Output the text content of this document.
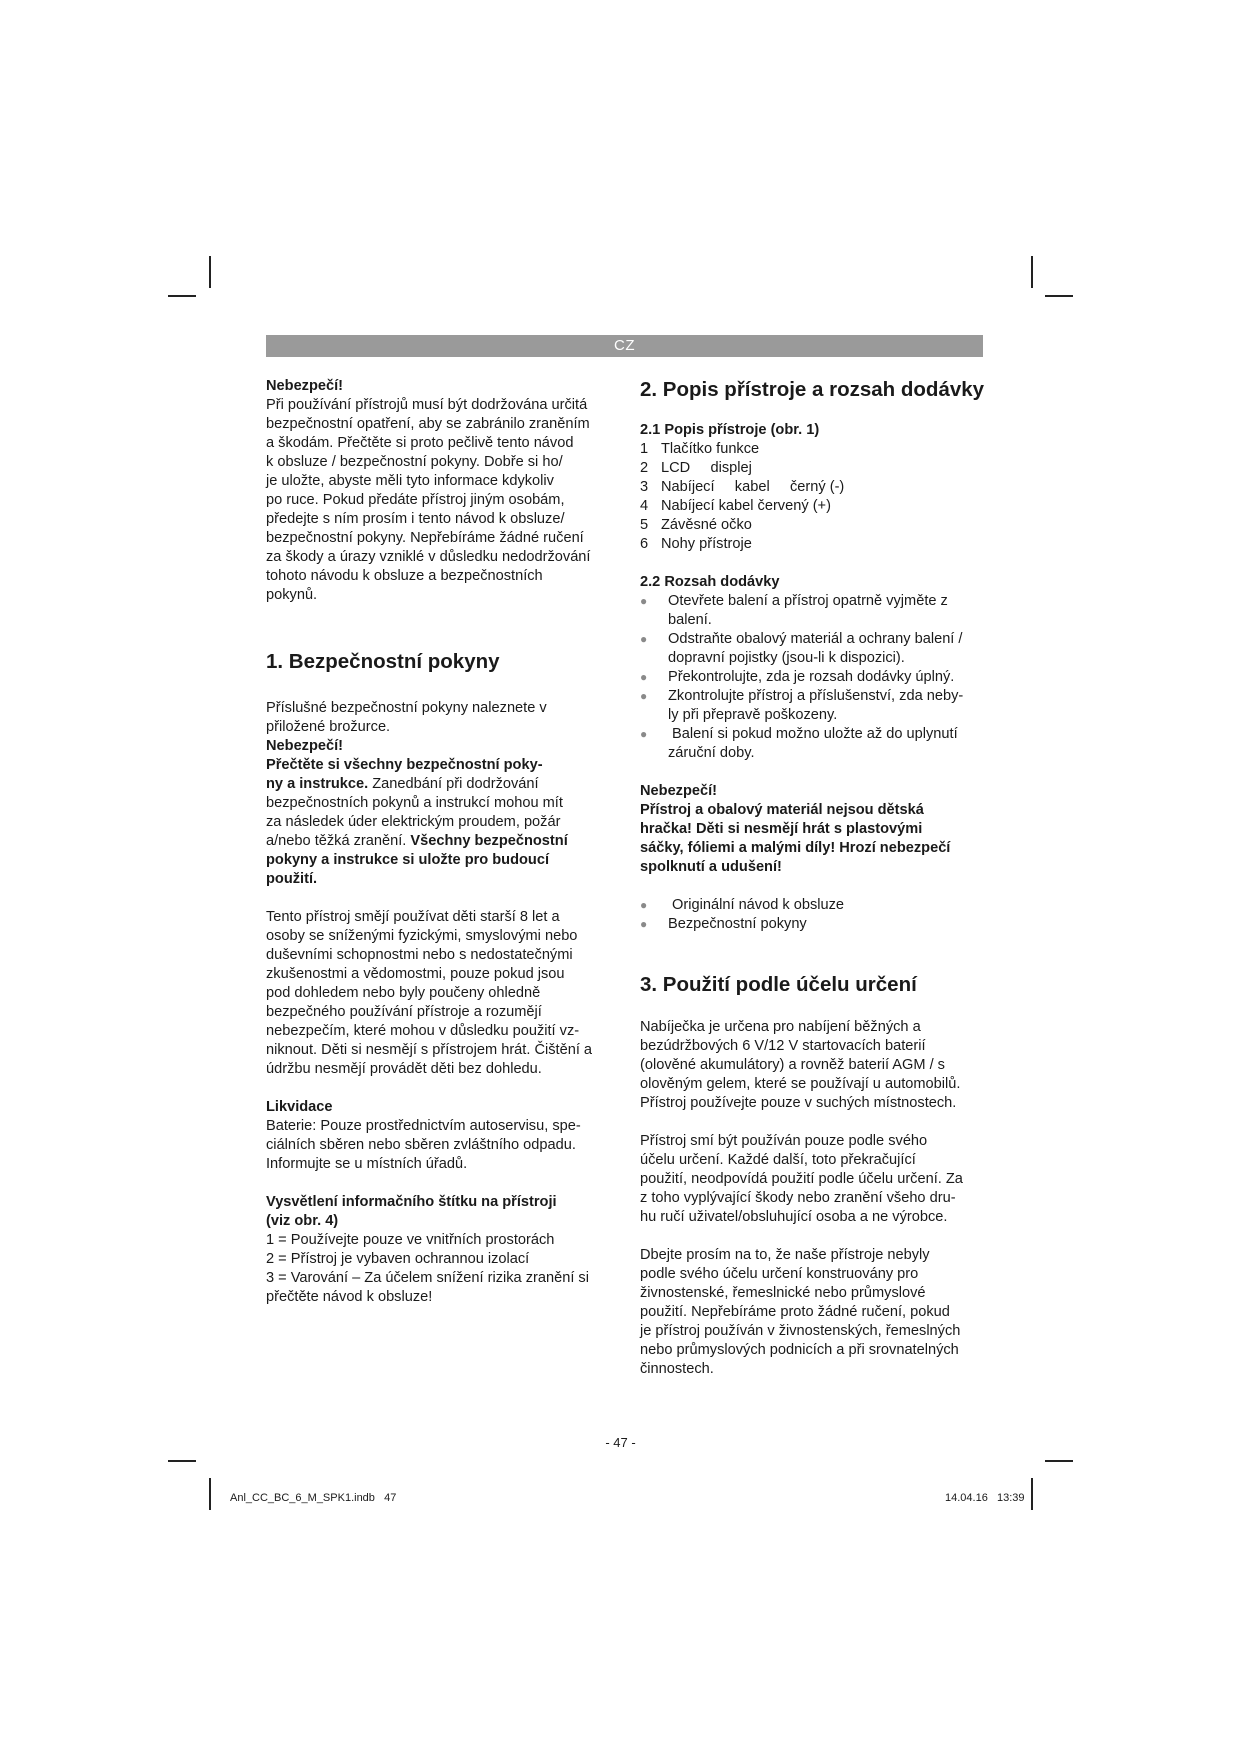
CZ

Nebezpečí!

Při používání přístrojů musí být dodržována určitá

bezpečnostní opatření, aby se zabránilo zraněním

a škodám. Přečtěte si proto pečlivě tento návod

k obsluze / bezpečnostní pokyny. Dobře si ho/

je uložte, abyste měli tyto informace kdykoliv

po ruce. Pokud předáte přístroj jiným osobám,

předejte s ním prosím i tento návod k obsluze/

bezpečnostní pokyny. Nepřebíráme žádné ručení

za škody a úrazy vzniklé v důsledku nedodržování

tohoto návodu k obsluze a bezpečnostních

pokynů.

1. Bezpečnostní pokyny

Příslušné bezpečnostní pokyny naleznete v

přiložené brožurce.

Nebezpečí!

Přečtěte si všechny bezpečnostní poky-

ny a instrukce. Zanedbání při dodržování

bezpečnostních pokynů a instrukcí mohou mít

za následek úder elektrickým proudem, požár

a/nebo těžká zranění. Všechny bezpečnostní

pokyny a instrukce si uložte pro budoucí

použití.

Tento přístroj smějí používat děti starší 8 let a

osoby se sníženými fyzickými, smyslovými nebo

duševními schopnostmi nebo s nedostatečnými

zkušenostmi a vědomostmi, pouze pokud jsou

pod dohledem nebo byly poučeny ohledně

bezpečného používání přístroje a rozumějí

nebezpečím, které mohou v důsledku použití vz-

niknout. Děti si nesmějí s přístrojem hrát. Čištění a

údržbu nesmějí provádět děti bez dohledu.

Likvidace

Baterie: Pouze prostřednictvím autoservisu, spe-

ciálních sběren nebo sběren zvláštního odpadu.

Informujte se u místních úřadů.

Vysvětlení informačního štítku na přístroji
(viz obr. 4)

1 = Používejte pouze ve vnitřních prostorách

2 = Přístroj je vybaven ochrannou izolací

3 = Varování – Za účelem snížení rizika zranění si

přečtěte návod k obsluze!

2. Popis přístroje a rozsah dodávky
2.1 Popis přístroje (obr. 1)
1 Tlačítko funkce
2 LCD     displej
3 Nabíjecí     kabel     černý (-)
4 Nabíjecí kabel červený (+)
5 Závěsné očko
6 Nohy přístroje
2.2 Rozsah dodávky
●	Otevřete balení a přístroj opatrně vyjměte z
balení.
●	Odstraňte obalový materiál a ochrany balení /
dopravní pojistky (jsou-li k dispozici).
●	Překontrolujte, zda je rozsah dodávky úplný.
●	Zkontrolujte přístroj a příslušenství, zda neby-
ly při přepravě poškozeny.
●	Balení si pokud možno uložte až do uplynutí
záruční doby.

Nebezpečí!

Přístroj a obalový materiál nejsou dětská

hračka! Děti si nesmějí hrát s plastovými

sáčky, fóliemi a malými díly! Hrozí nebezpečí

spolknutí a udušení!

●	Originální návod k obsluze
●	Bezpečnostní pokyny
3. Použití podle účelu určení

Nabíječka je určena pro nabíjení běžných a

bezúdržbových 6 V/12 V startovacích baterií

(olověné akumulátory) a rovněž baterií AGM / s

olověným gelem, které se používají u automobilů.

Přístroj používejte pouze v suchých místnostech.

Přístroj smí být používán pouze podle svého

účelu určení. Každé další, toto překračující

použití, neodpovídá použití podle účelu určení. Za

z toho vyplývající škody nebo zranění všeho dru-

hu ručí uživatel/obsluhující osoba a ne výrobce.

Dbejte prosím na to, že naše přístroje nebyly

podle svého účelu určení konstruovány pro

živnostenské, řemeslnické nebo průmyslové

použití. Nepřebíráme proto žádné ručení, pokud

je přístroj používán v živnostenských, řemeslných

nebo průmyslových podnicích a při srovnatelných

činnostech.

- 47 -
Anl_CC_BC_6_M_SPK1.indb   47	14.04.16   13:39
